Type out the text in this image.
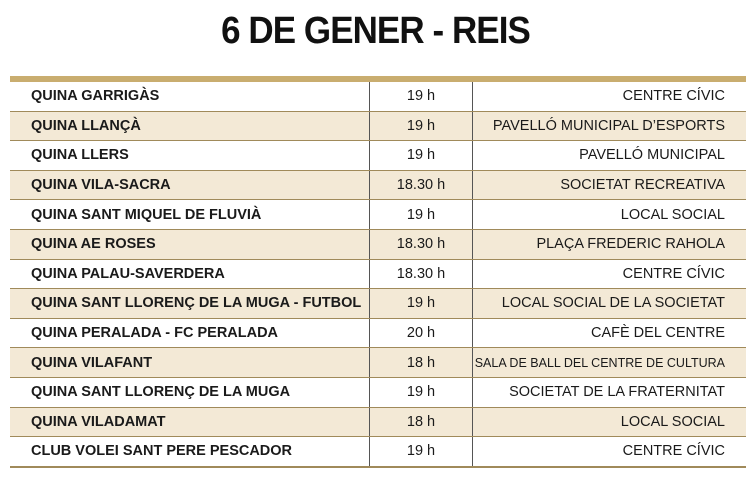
6 DE GENER - REIS
QUINA GARRIGÀS	19 h	CENTRE CÍVIC
QUINA LLANÇÀ	19 h	PAVELLÓ MUNICIPAL D’ESPORTS
QUINA LLERS	19 h	PAVELLÓ MUNICIPAL
QUINA VILA-SACRA	18.30 h	SOCIETAT RECREATIVA
QUINA SANT MIQUEL DE FLUVIÀ	19 h	LOCAL SOCIAL
QUINA AE ROSES	18.30 h	PLAÇA FREDERIC RAHOLA
QUINA PALAU-SAVERDERA	18.30 h	CENTRE CÍVIC
QUINA SANT LLORENÇ DE LA MUGA - FUTBOL	19 h	LOCAL SOCIAL DE LA SOCIETAT
QUINA PERALADA - FC PERALADA	20 h	CAFÈ DEL CENTRE
QUINA VILAFANT	18 h	SALA DE BALL DEL CENTRE DE CULTURA
QUINA SANT LLORENÇ DE LA MUGA	19 h	SOCIETAT DE LA FRATERNITAT
QUINA VILADAMAT	18 h	LOCAL SOCIAL
CLUB VOLEI SANT PERE PESCADOR	19 h	CENTRE CÍVIC
